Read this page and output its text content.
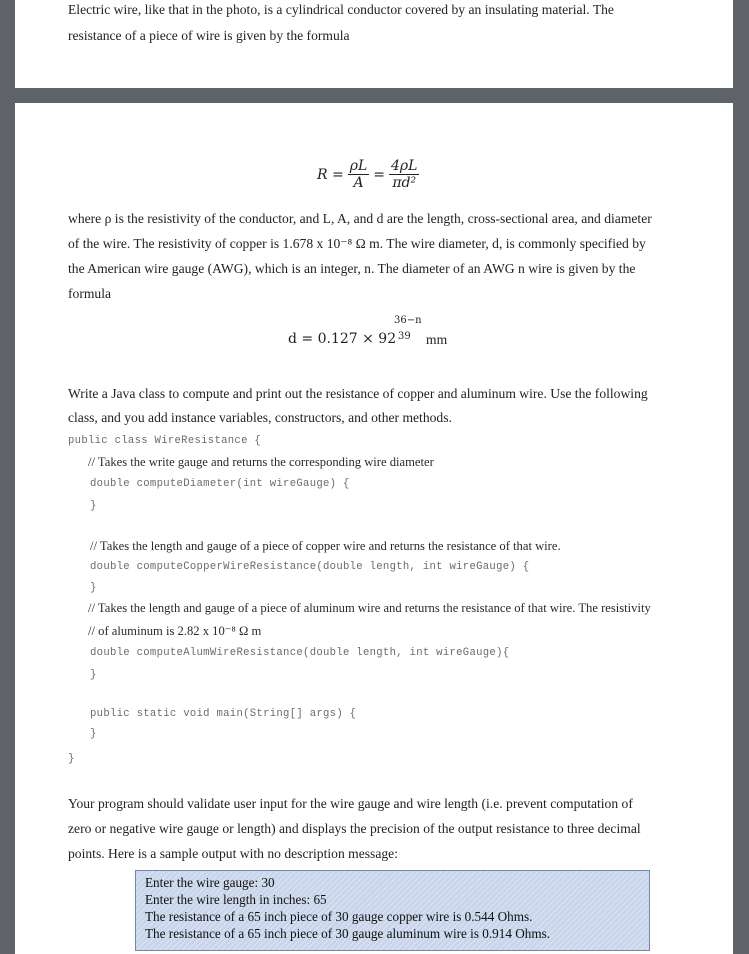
Electric wire, like that in the photo, is a cylindrical conductor covered by an insulating material. The
resistance of a piece of wire is given by the formula
$R = \frac{\rho L}{A} = \frac{4\rho L}{\text{πd²}}$
where ρ is the resistivity of the conductor, and L, A, and d are the length, cross-sectional area, and diameter
of the wire. The resistivity of copper is 1.678 x 10⁻⁸ Ω m. The wire diameter, d, is commonly specified by
the American wire gauge (AWG), which is an integer, n. The diameter of an AWG n wire is given by the
formula
d = 0.127 × 92
36−n
39 mm
Write a Java class to compute and print out the resistance of copper and aluminum wire. Use the following
class, and you add instance variables, constructors, and other methods.
public class WireResistance {
// Takes the write gauge and returns the corresponding wire diameter
double computeDiameter(int wireGauge) {
}
// Takes the length and gauge of a piece of copper wire and returns the resistance of that wire.
double computeCopperWireResistance(double length, int wireGauge) {
}
// Takes the length and gauge of a piece of aluminum wire and returns the resistance of that wire. The resistivity
// of aluminum is 2.82 x 10⁻⁸ Ω m
double computeAlumWireResistance(double length, int wireGauge){
}
public static void main(String[] args) {
}
}
Your program should validate user input for the wire gauge and wire length (i.e. prevent computation of
zero or negative wire gauge or length) and displays the precision of the output resistance to three decimal
points. Here is a sample output with no description message:
Enter the wire gauge: 30
Enter the wire length in inches: 65
The resistance of a 65 inch piece of 30 gauge copper wire is 0.544 Ohms.
The resistance of a 65 inch piece of 30 gauge aluminum wire is 0.914 Ohms.
